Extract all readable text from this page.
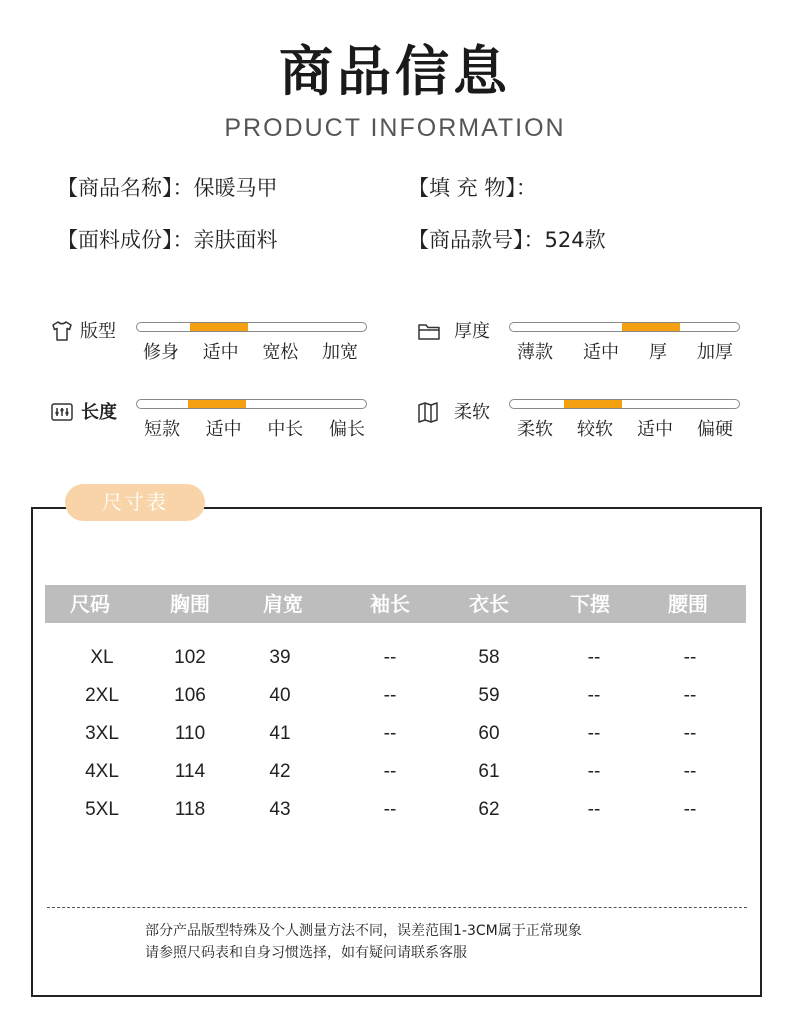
商品信息
PRODUCT INFORMATION
【商品名称】：保暖马甲	【填 充 物】：
【面料成份】：亲肤面料	【商品款号】：524款
版型
修身 适中 宽松 加宽
厚度
薄款 适中 厚 加厚
长度
短款 适中 中长 偏长
柔软
柔软 较软 适中 偏硬
尺寸表
尺码	胸围	肩宽	袖长	衣长	下摆	腰围
XL	102	39	--	58	--	--
2XL	106	40	--	59	--	--
3XL	110	41	--	60	--	--
4XL	114	42	--	61	--	--
5XL	118	43	--	62	--	--
部分产品版型特殊及个人测量方法不同，误差范围1-3CM属于正常现象
请参照尺码表和自身习惯选择，如有疑问请联系客服
